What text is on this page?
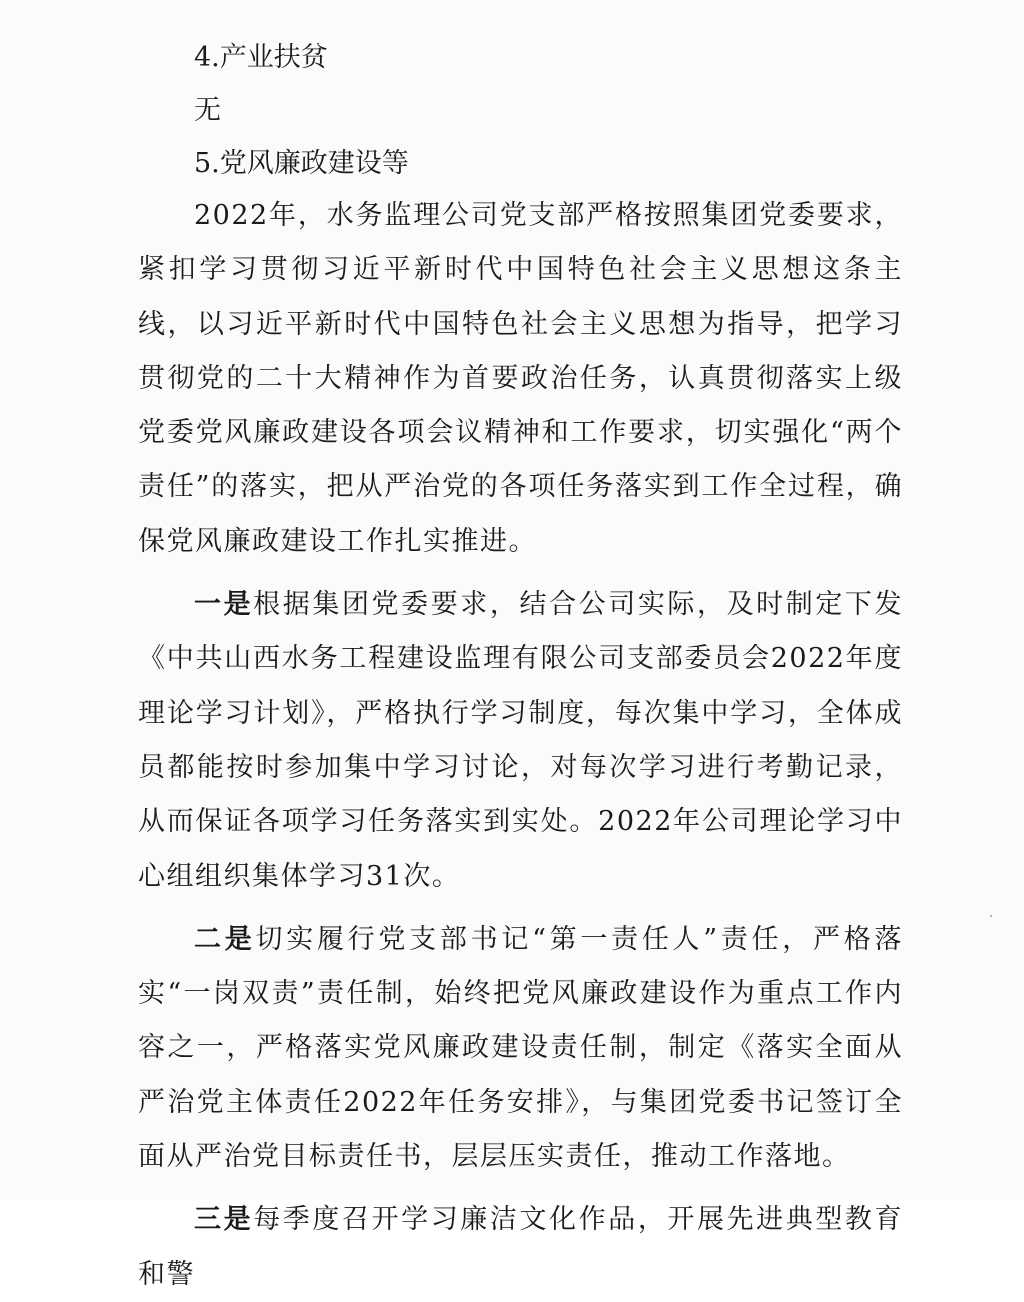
4.产业扶贫
无
5.党风廉政建设等

2022年，水务监理公司党支部严格按照集团党委要求，紧扣学习贯彻习近平新时代中国特色社会主义思想这条主线，以习近平新时代中国特色社会主义思想为指导，把学习贯彻党的二十大精神作为首要政治任务，认真贯彻落实上级党委党风廉政建设各项会议精神和工作要求，切实强化“两个责任”的落实，把从严治党的各项任务落实到工作全过程，确保党风廉政建设工作扎实推进。

一是根据集团党委要求，结合公司实际，及时制定下发《中共山西水务工程建设监理有限公司支部委员会2022年度理论学习计划》，严格执行学习制度，每次集中学习，全体成员都能按时参加集中学习讨论，对每次学习进行考勤记录，从而保证各项学习任务落实到实处。2022年公司理论学习中心组组织集体学习31次。

二是切实履行党支部书记“第一责任人”责任，严格落实“一岗双责”责任制，始终把党风廉政建设作为重点工作内容之一，严格落实党风廉政建设责任制，制定《落实全面从严治党主体责任2022年任务安排》，与集团党委书记签订全面从严治党目标责任书，层层压实责任，推动工作落地。

三是每季度召开学习廉洁文化作品，开展先进典型教育和警
